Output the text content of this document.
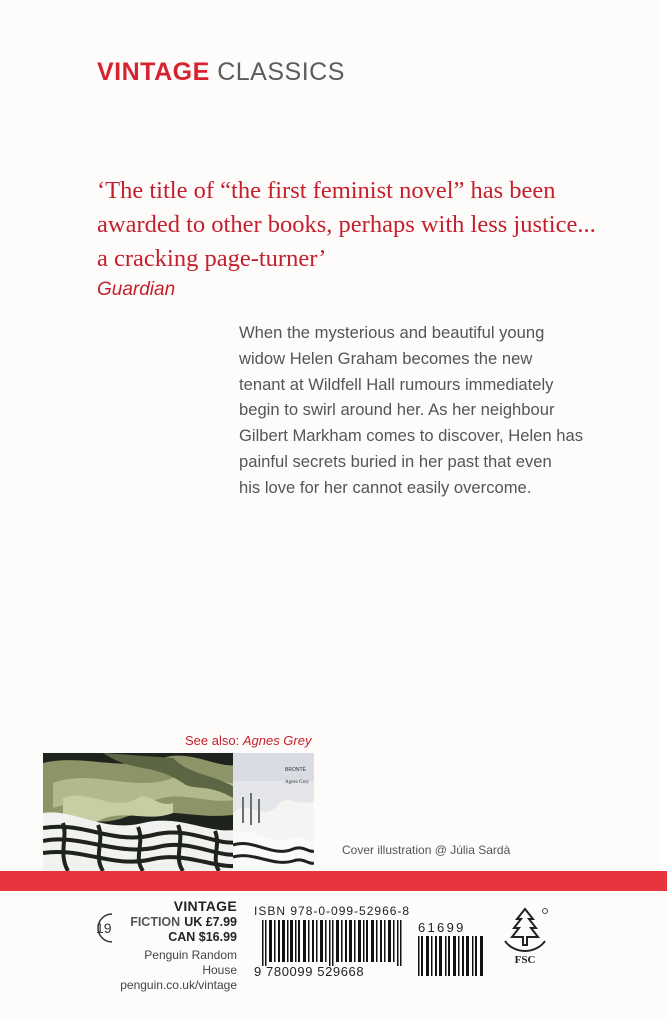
VINTAGE CLASSICS
‘The title of “the first feminist novel” has been
awarded to other books, perhaps with less justice...
a cracking page-turner’
Guardian

When the mysterious and beautiful young

widow Helen Graham becomes the new

tenant at Wildfell Hall rumours immediately

begin to swirl around her. As her neighbour

Gilbert Markham comes to discover, Helen has

painful secrets buried in her past that even

his love for her cannot easily overcome.

See also: Agnes Grey
BRONTË
Agnes Grey
Cover illustration @ Júlia Sardà
19
VINTAGE
FICTION UK £7.99
CAN $16.99
Penguin Random House
penguin.co.uk/vintage
ISBN 978-0-099-52966-8
9 780099 529668
61699
FSC
